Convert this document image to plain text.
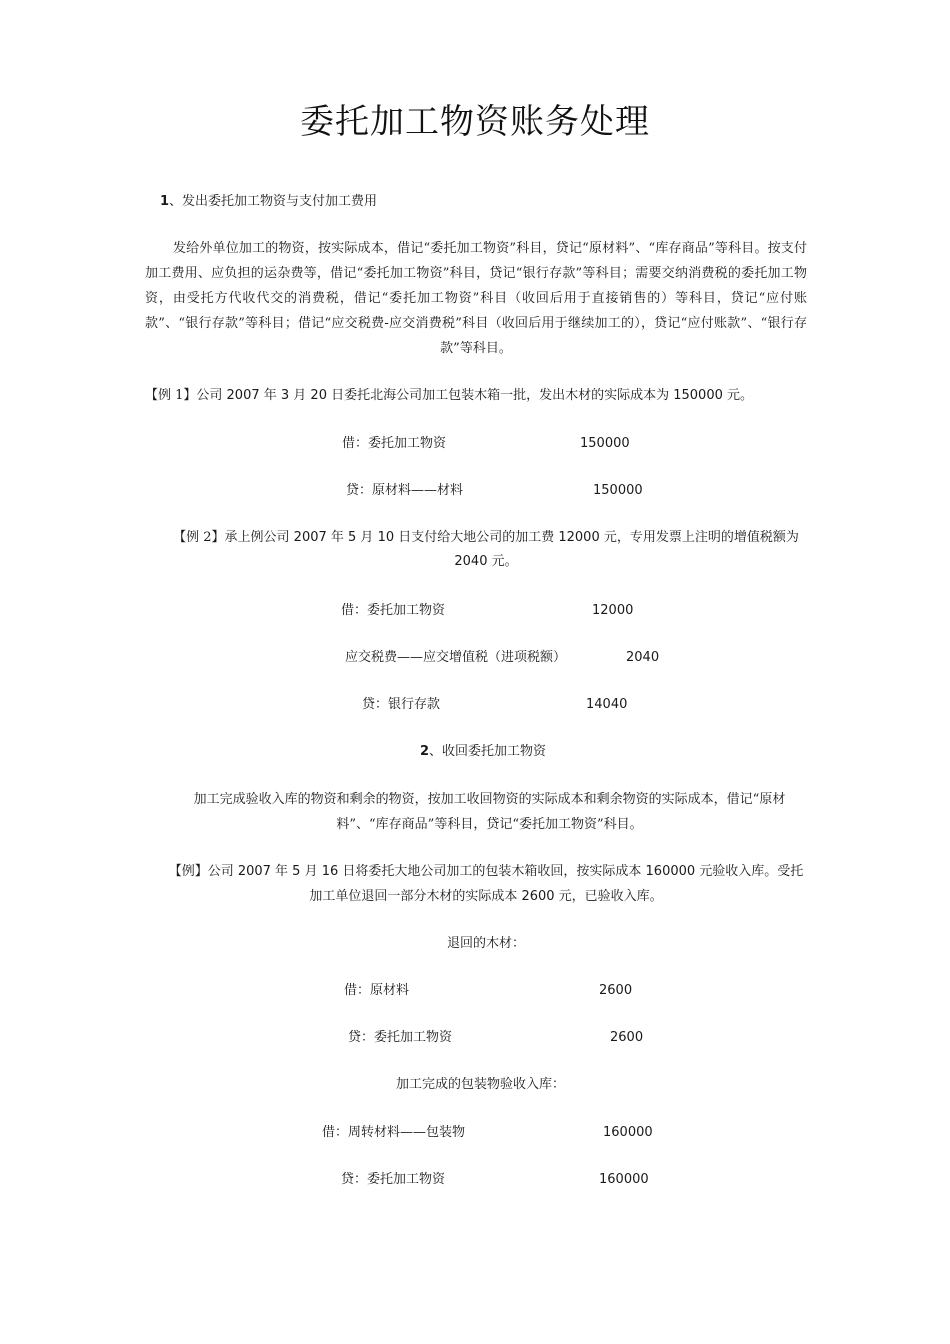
委托加工物资账务处理
1、发出委托加工物资与支付加工费用
发给外单位加工的物资，按实际成本，借记“委托加工物资”科目，贷记“原材料”、“库存商品”等科目。按支付加工费用、应负担的运杂费等，借记“委托加工物资”科目，贷记“银行存款”等科目；需要交纳消费税的委托加工物资，由受托方代收代交的消费税，借记“委托加工物资”科目（收回后用于直接销售的）等科目，贷记“应付账款”、“银行存款”等科目；借记“应交税费-应交消费税”科目（收回后用于继续加工的），贷记“应付账款”、“银行存款”等科目。
【例 1】公司 2007 年 3 月 20 日委托北海公司加工包装木箱一批，发出木材的实际成本为 150000 元。
借：委托加工物资	150000
贷：原材料——材料	150000
【例 2】承上例公司 2007 年 5 月 10 日支付给大地公司的加工费 12000 元，专用发票上注明的增值税额为 2040 元。
借：委托加工物资	12000
应交税费——应交增值税（进项税额）	2040
贷：银行存款	14040
2、收回委托加工物资
加工完成验收入库的物资和剩余的物资，按加工收回物资的实际成本和剩余物资的实际成本，借记“原材料”、“库存商品”等科目，贷记“委托加工物资”科目。
【例】公司 2007 年 5 月 16 日将委托大地公司加工的包装木箱收回，按实际成本 160000 元验收入库。受托加工单位退回一部分木材的实际成本 2600 元，已验收入库。
退回的木材：
借：原材料	2600
贷：委托加工物资	2600
加工完成的包装物验收入库：
借：周转材料——包装物	160000
贷：委托加工物资	160000
